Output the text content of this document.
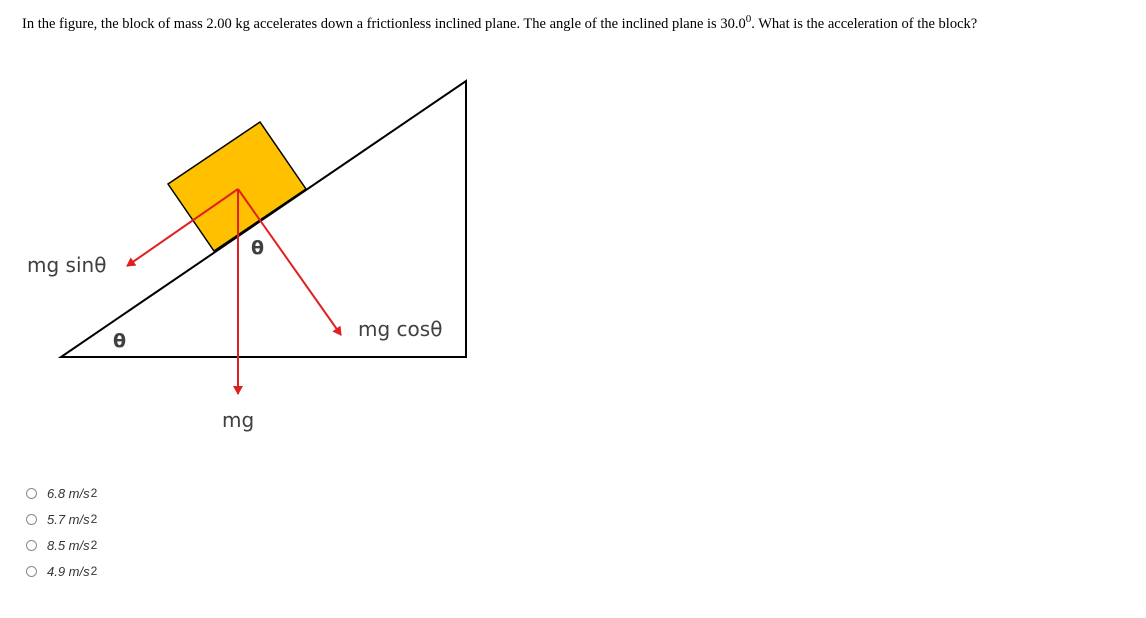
In the figure, the block of mass 2.00 kg accelerates down a frictionless inclined plane. The angle of the inclined plane is 30.0$^0$. What is the acceleration of the block?
mg sinθ
mg cosθ
mg
θ
θ
6.8 m/s 2
5.7 m/s 2
8.5 m/s 2
4.9 m/s 2
